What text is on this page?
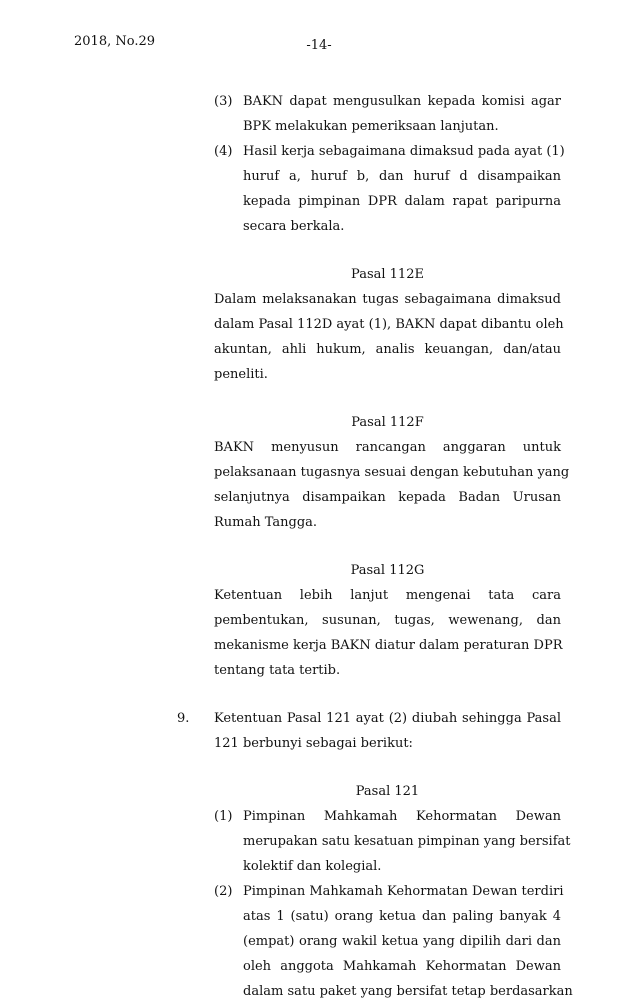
2018, No.29	-14-
(3) BAKN dapat mengusulkan kepada komisi agar
BPK melakukan pemeriksaan lanjutan.
(4) Hasil kerja sebagaimana dimaksud pada ayat (1)
huruf a, huruf b, dan huruf d disampaikan
kepada pimpinan DPR dalam rapat paripurna
secara berkala.
Pasal 112E
Dalam melaksanakan tugas sebagaimana dimaksud
dalam Pasal 112D ayat (1), BAKN dapat dibantu oleh
akuntan, ahli hukum, analis keuangan, dan/atau
peneliti.
Pasal 112F
BAKN menyusun rancangan anggaran untuk
pelaksanaan tugasnya sesuai dengan kebutuhan yang
selanjutnya disampaikan kepada Badan Urusan
Rumah Tangga.
Pasal 112G
Ketentuan lebih lanjut mengenai tata cara
pembentukan, susunan, tugas, wewenang, dan
mekanisme kerja BAKN diatur dalam peraturan DPR
tentang tata tertib.
9. Ketentuan Pasal 121 ayat (2) diubah sehingga Pasal
121 berbunyi sebagai berikut:
Pasal 121
(1) Pimpinan Mahkamah Kehormatan Dewan
merupakan satu kesatuan pimpinan yang bersifat
kolektif dan kolegial.
(2) Pimpinan Mahkamah Kehormatan Dewan terdiri
atas 1 (satu) orang ketua dan paling banyak 4
(empat) orang wakil ketua yang dipilih dari dan
oleh anggota Mahkamah Kehormatan Dewan
dalam satu paket yang bersifat tetap berdasarkan
